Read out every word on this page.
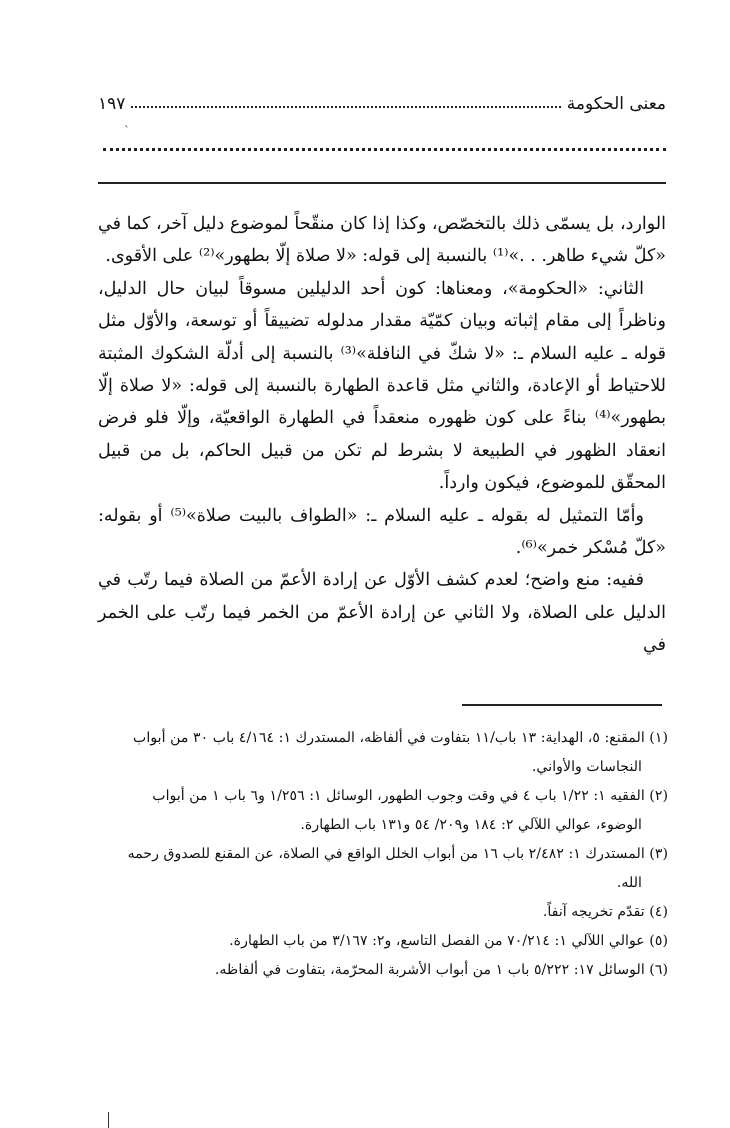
معنى الحكومة
١٩٧
ˋ

الوارد، بل يسمّى ذلك بالتخصّص، وكذا إذا كان منقّحاً لموضوع دليل آخر، كما في «كلّ شيء طاهر. . .»⁽¹⁾ بالنسبة إلى قوله: «لا صلاة إلّا بطهور»⁽²⁾ على الأقوى.

الثاني: «الحكومة»، ومعناها: كون أحد الدليلين مسوقاً لبيان حال الدليل، وناظراً إلى مقام إثباته وبيان كمّيّة مقدار مدلوله تضييقاً أو توسعة، والأوّل مثل قوله ـ عليه السلام ـ: «لا شكّ في النافلة»⁽³⁾ بالنسبة إلى أدلّة الشكوك المثبتة للاحتياط أو الإعادة، والثاني مثل قاعدة الطهارة بالنسبة إلى قوله: «لا صلاة إلّا بطهور»⁽⁴⁾ بناءً على كون ظهوره منعقداً في الطهارة الواقعيّة، وإلّا فلو فرض انعقاد الظهور في الطبيعة لا بشرط لم تكن من قبيل الحاكم، بل من قبيل المحقّق للموضوع، فيكون وارداً.

وأمّا التمثيل له بقوله ـ عليه السلام ـ: «الطواف بالبيت صلاة»⁽⁵⁾ أو بقوله: «كلّ مُسْكر خمر»⁽⁶⁾.

ففيه: منع واضح؛ لعدم كشف الأوّل عن إرادة الأعمّ من الصلاة فيما رتّب في الدليل على الصلاة، ولا الثاني عن إرادة الأعمّ من الخمر فيما رتّب على الخمر في

(١) المقنع: ٥، الهداية: ١٣ باب/١١ بتفاوت في ألفاظه، المستدرك ١: ٤/١٦٤ باب ٣٠ من أبواب

النجاسات والأواني.

(٢) الفقيه ١: ١/٢٢ باب ٤ في وقت وجوب الطهور، الوسائل ١: ١/٢٥٦ و٦ باب ١ من أبواب

الوضوء، عوالي اللآلي ٢: ١٨٤ و٢٠٩/ ٥٤ و١٣١ باب الطهارة.

(٣) المستدرك ١: ٢/٤٨٢ باب ١٦ من أبواب الخلل الواقع في الصلاة، عن المقنع للصدوق رحمه

الله.

(٤) تقدّم تخريجه آنفاً.

(٥) عوالي اللآلي ١: ٧٠/٢١٤ من الفصل التاسع، و٢: ٣/١٦٧ من باب الطهارة.

(٦) الوسائل ١٧: ٥/٢٢٢ باب ١ من أبواب الأشربة المحرّمة، بتفاوت في ألفاظه.
